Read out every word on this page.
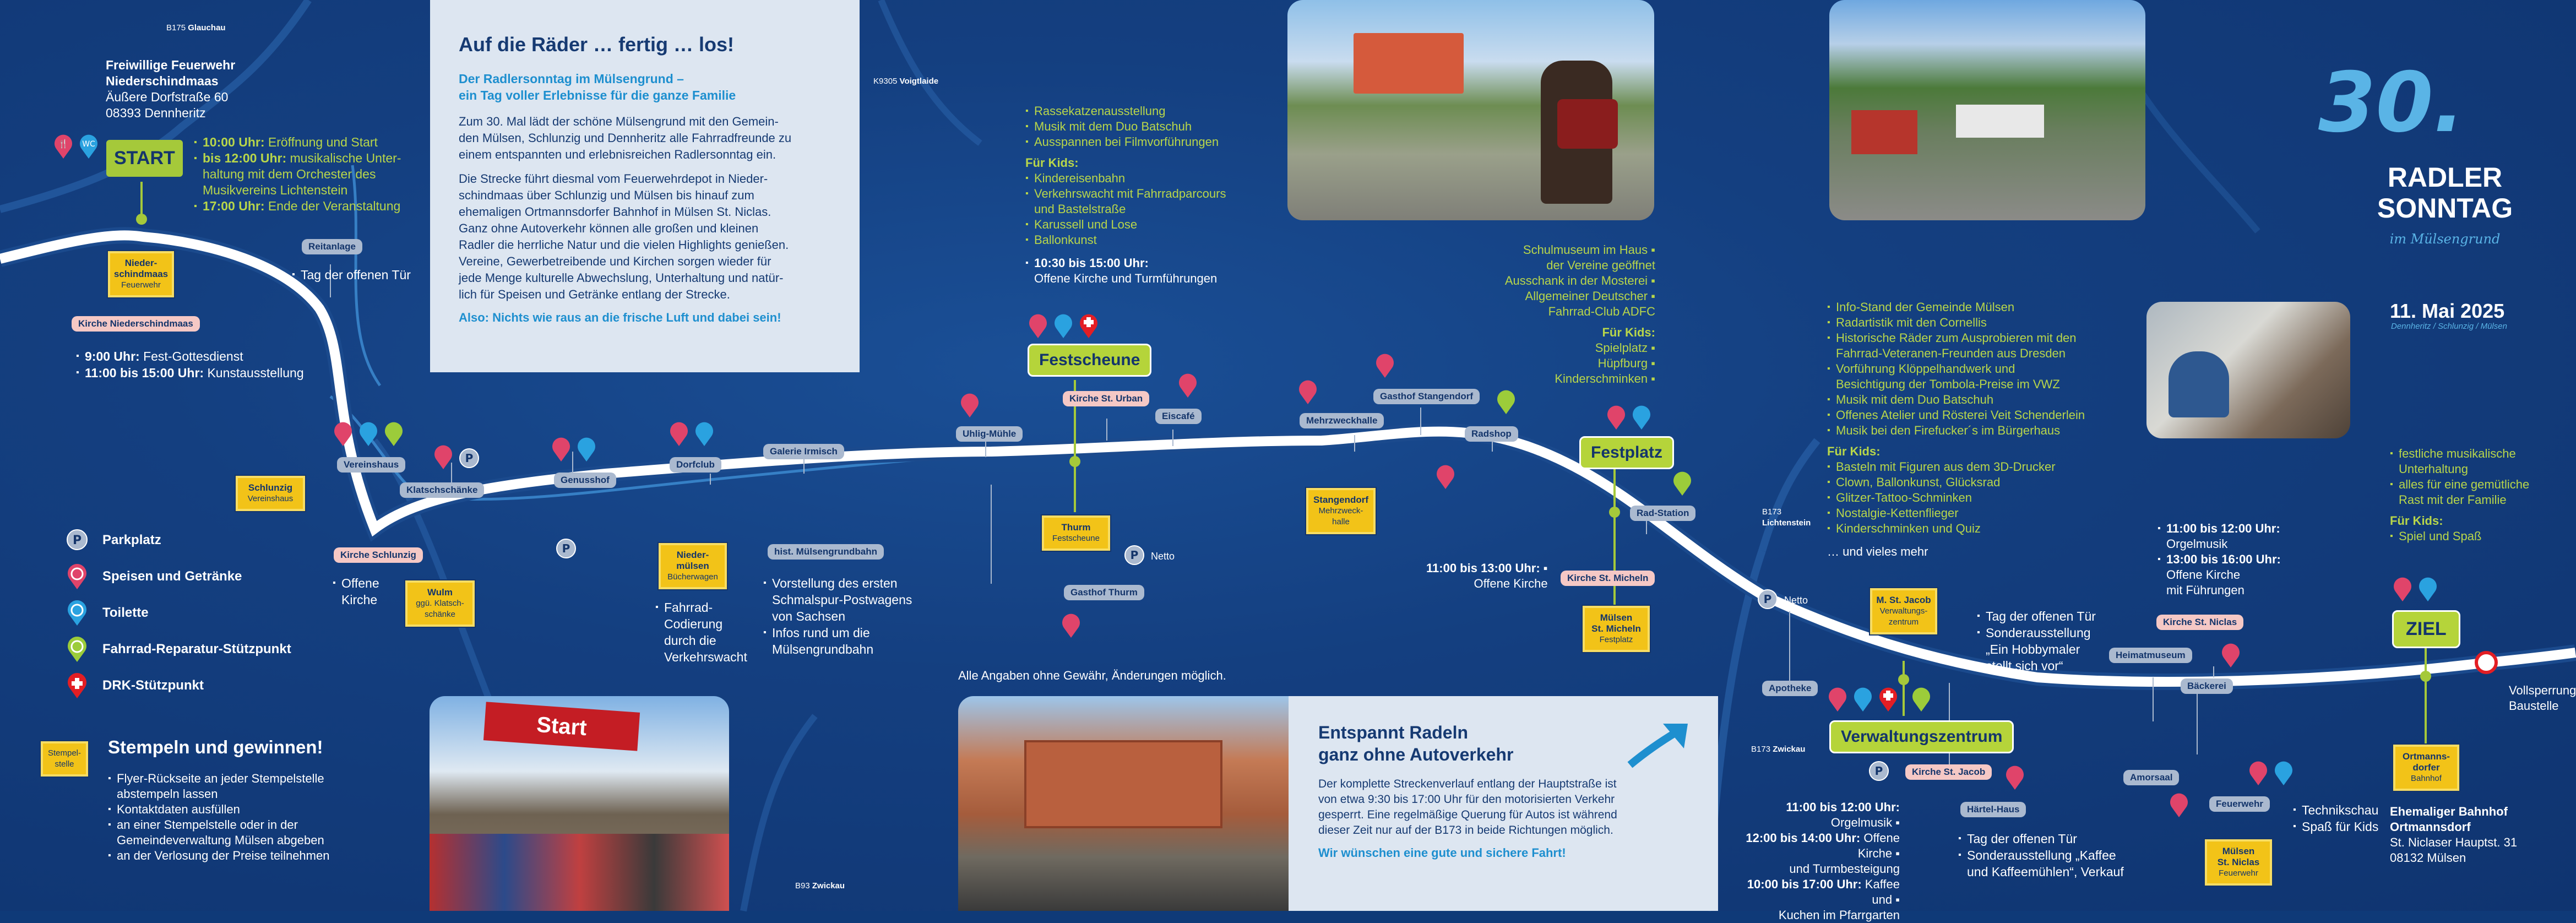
B175 Glauchau
K9305 Voigtlaide
B93 Zwickau
B173
Lichtenstein
B173 Zwickau
Freiwillige Feuerwehr
Niederschindmaas
Äußere Dorfstraße 60
08393 Dennheritz
🍴 WC
START
▪ 10:00 Uhr: Eröffnung und Start
▪ bis 12:00 Uhr: musikalische Unter-
haltung mit dem Orchester des
Musikvereins Lichtenstein
▪ 17:00 Uhr: Ende der Veranstaltung
Auf die Räder … fertig … los!
Der Radlersonntag im Mülsengrund –
ein Tag voller Erlebnisse für die ganze Familie

Zum 30. Mal lädt der schöne Mülsengrund mit den Gemein-
den Mülsen, Schlunzig und Dennheritz alle Fahrradfreunde zu
einem entspannten und erlebnisreichen Radlersonntag ein.

Die Strecke führt diesmal vom Feuerwehrdepot in Nieder-
schindmaas über Schlunzig und Mülsen bis hinauf zum
ehemaligen Ortmannsdorfer Bahnhof in Mülsen St. Niclas.
Ganz ohne Autoverkehr können alle großen und kleinen
Radler die herrliche Natur und die vielen Highlights genießen.
Vereine, Gewerbetreibende und Kirchen sorgen wieder für
jede Menge kulturelle Abwechslung, Unterhaltung und natür-
lich für Speisen und Getränke entlang der Strecke.

Also: Nichts wie raus an die frische Luft und dabei sein!
Start	Entspannt Radeln
ganz ohne Autoverkehr

Der komplette Streckenverlauf entlang der Hauptstraße ist
von etwa 9:30 bis 17:00 Uhr für den motorisierten Verkehr
gesperrt. Eine regelmäßige Querung für Autos ist während
dieser Zeit nur auf der B173 in beide Richtungen möglich.

Wir wünschen eine gute und sichere Fahrt!
Alle Angaben ohne Gewähr, Änderungen möglich.
30.
RADLER
SONNTAG
im Mülsengrund
11. Mai 2025
Dennheritz / Schlunzig / Mülsen
P Parkplatz
Speisen und Getränke
Toilette
Fahrrad-Reparatur-Stützpunkt
DRK-Stützpunkt
Stempel-
stelle
Stempeln und gewinnen!
▪ Flyer-Rückseite an jeder Stempelstelle
abstempeln lassen
▪ Kontaktdaten ausfüllen
▪ an einer Stempelstelle oder in der
Gemeindeverwaltung Mülsen abgeben
▪ an der Verlosung der Preise teilnehmen
Reitanlage
▪ Tag der offenen Tür
Nieder-
schindmaas
Feuerwehr
Kirche Niederschindmaas
▪ 9:00 Uhr: Fest-Gottesdienst
▪ 11:00 bis 15:00 Uhr: Kunstausstellung
Vereinshaus
Klatschschänke
P
Schlunzig
Vereinshaus
Kirche Schlunzig
▪ Offene
Kirche
Wulm
ggü. Klatsch-
schänke
Genusshof
P
Dorfclub
Galerie Irmisch
Nieder-
mülsen
Bücherwagen
hist. Mülsengrundbahn
▪ Fahrrad-
Codierung
durch die
Verkehrswacht
▪ Vorstellung des ersten
Schmalspur-Postwagens
von Sachsen
▪ Infos rund um die
Mülsengrundbahn
▪ Rassekatzenausstellung
▪ Musik mit dem Duo Batschuh
▪ Ausspannen bei Filmvorführungen
Für Kids:
▪ Kindereisenbahn
▪ Verkehrswacht mit Fahrradparcours
und Bastelstraße
▪ Karussell und Lose
▪ Ballonkunst
▪ 10:30 bis 15:00 Uhr:
Offene Kirche und Turmführungen
Festscheune
Uhlig-Mühle
Kirche St. Urban
Eiscafé
Thurm
Festscheune
P Netto
Gasthof Thurm
Schulmuseum im Haus ▪
der Vereine geöffnet
Ausschank in der Mosterei ▪
Allgemeiner Deutscher ▪
Fahrrad-Club ADFC
Für Kids:
Spielplatz ▪
Hüpfburg ▪
Kinderschminken ▪
Gasthof Stangendorf
Mehrzweckhalle
Radshop
Stangendorf
Mehrzweck-
halle
Festplatz
Rad-Station
11:00 bis 13:00 Uhr: ▪
Offene Kirche	Kirche St. Micheln
Mülsen
St. Micheln
Festplatz
▪ Info-Stand der Gemeinde Mülsen
▪ Radartistik mit den Cornellis
▪ Historische Räder zum Ausprobieren mit den
Fahrrad-Veteranen-Freunden aus Dresden
▪ Vorführung Klöppelhandwerk und
Besichtigung der Tombola-Preise im VWZ
▪ Musik mit dem Duo Batschuh
▪ Offenes Atelier und Rösterei Veit Schenderlein
▪ Musik bei den Firefucker´s im Bürgerhaus
Für Kids:
▪ Basteln mit Figuren aus dem 3D-Drucker
▪ Clown, Ballonkunst, Glücksrad
▪ Glitzer-Tattoo-Schminken
▪ Nostalgie-Kettenflieger
▪ Kinderschminken und Quiz
… und vieles mehr
P Netto	M. St. Jacob
Verwaltungs-
zentrum
Apotheke
Verwaltungszentrum
P	Kirche St. Jacob
Härtel-Haus
▪ Tag der offenen Tür
▪ Sonderausstellung
„Ein Hobbymaler
stellt sich vor“
11:00 bis 12:00 Uhr: Orgelmusik ▪
12:00 bis 14:00 Uhr: Offene Kirche ▪
und Turmbesteigung
10:00 bis 17:00 Uhr: Kaffee und ▪
Kuchen im Pfarrgarten
▪ Tag der offenen Tür
▪ Sonderausstellung „Kaffee
und Kaffeemühlen“, Verkauf
▪ 11:00 bis 12:00 Uhr:
Orgelmusik
▪ 13:00 bis 16:00 Uhr:
Offene Kirche
mit Führungen
Kirche St. Niclas
Heimatmuseum
Bäckerei
Amorsaal
Feuerwehr
Mülsen
St. Niclas
Feuerwehr
▪ Technikschau
▪ Spaß für Kids
▪ festliche musikalische
Unterhaltung
▪ alles für eine gemütliche
Rast mit der Familie
Für Kids:
▪ Spiel und Spaß
ZIEL
Vollsperrung
Baustelle
Ortmanns-
dorfer
Bahnhof
Ehemaliger Bahnhof
Ortmannsdorf
St. Niclaser Hauptst. 31
08132 Mülsen
